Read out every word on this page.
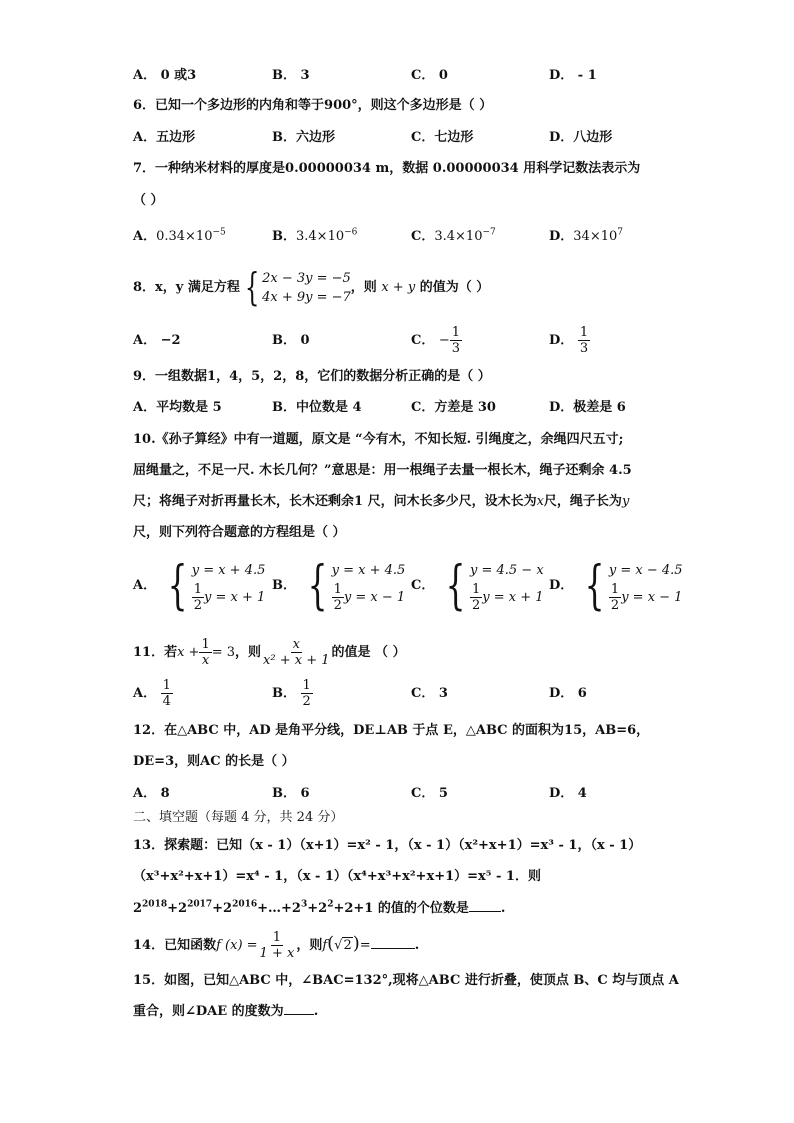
A． 0 或3	B． 3	C． 0	D． - 1
6．已知一个多边形的内角和等于900°，则这个多边形是（ ）
A．五边形	B．六边形	C．七边形	D．八边形
7．一种纳米材料的厚度是0.00000034 m，数据 0.00000034 用科学记数法表示为
（ ）
A．$0.34\times 10^{-5}$	B．$3.4\times 10^{-6}$	C．$3.4\times 10^{-7}$	D．$34\times 10^7$
8．x，y 满足方程 { 2x − 3y = −5
4x + 9y = −7
，则 x + y 的值为（ ）
A． −2	B． 0	C． − $\frac{1}{3}$	D． $\frac{1}{3}$
9．一组数据1，4，5，2，8，它们的数据分析正确的是（ ）
A．平均数是 5	B．中位数是 4	C．方差是 30	D．极差是 6
10.《孙子算经》中有一道题，原文是 “今有木，不知长短. 引绳度之，余绳四尺五寸;
屈绳量之，不足一尺. 木长几何？”意思是：用一根绳子去量一根长木，绳子还剩余 4.5
尺；将绳子对折再量长木，长木还剩余1 尺，问木长多少尺，设木长为x尺，绳子长为y
尺，则下列符合题意的方程组是（ ）
A． { y = x + 4.5
$\frac{1}{2}$ y = x + 1
B． { y = x + 4.5
$\frac{1}{2}$ y = x − 1
C． { y = 4.5 − x
$\frac{1}{2}$ y = x + 1
D． { y = x − 4.5
$\frac{1}{2}$ y = x − 1
11．若$x + \frac{1}{x} = 3$，则 $\frac{x}{\text{x² + x + 1}}$ 的值是 （ ）
A． $\frac{1}{4}$	B． $\frac{1}{2}$	C． 3	D． 6
12．在△ABC 中，AD 是角平分线，DE⊥AB 于点 E，△ABC 的面积为15，AB=6，
DE=3，则AC 的长是（ ）
A． 8	B． 6	C． 5	D． 4
二、填空题（每题 4 分，共 24 分）
13．探索题：已知（x - 1）（x+1）=x² - 1，（x - 1）（x²+x+1）=x³ - 1，（x - 1）
（x³+x²+x+1）=x⁴ - 1，（x - 1）（x⁴+x³+x²+x+1）=x⁵ - 1．则
$2^{2018}+2^{2017}+2^{2016}+\dots+2^3+2^2+2+1$ 的值的个位数是 .
14．已知函数f $(x) = \frac{1}{1 + x}$ ，则f(√2)=	.
15．如图，已知△ABC 中，∠BAC=132°,现将△ABC 进行折叠，使顶点 B、C 均与顶点 A
重合，则∠DAE 的度数为 .
